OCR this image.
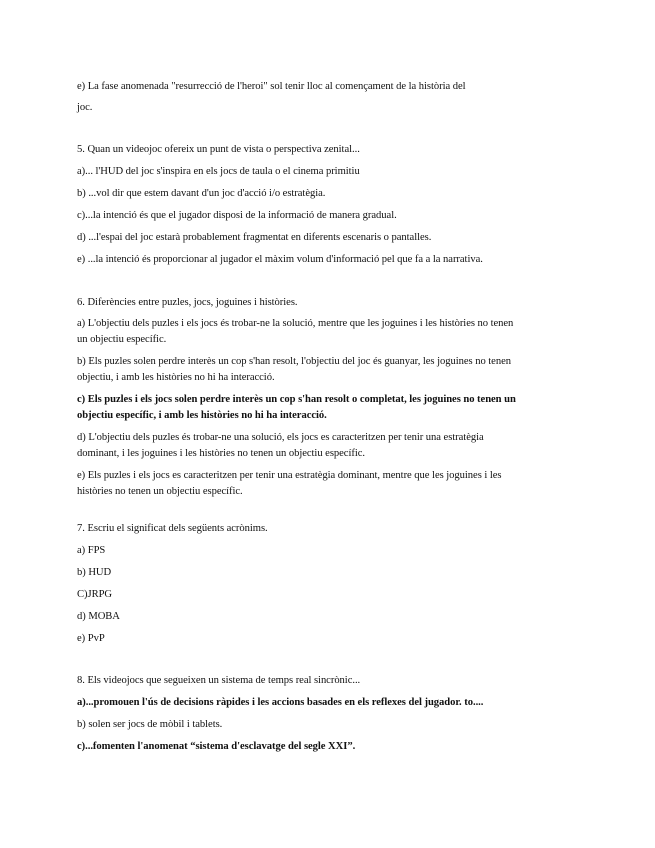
e) La fase anomenada "resurrecció de l'heroi" sol tenir lloc al començament de la història del
joc.
5. Quan un videojoc ofereix un punt de vista o perspectiva zenital...
a)... l'HUD del joc s'inspira en els jocs de taula o el cinema primitiu
b) ...vol dir que estem davant d'un joc d'acció i/o estratègia.
c)...la intenció és que el jugador disposi de la informació de manera gradual.
d) ...l'espai del joc estarà probablement fragmentat en diferents escenaris o pantalles.
e) ...la intenció és proporcionar al jugador el màxim volum d'informació pel que fa a la narrativa.
6. Diferències entre puzles, jocs, joguines i històries.
a) L'objectiu dels puzles i els jocs és trobar-ne la solució, mentre que les joguines i les històries no tenen
un objectiu específic.
b) Els puzles solen perdre interès un cop s'han resolt, l'objectiu del joc és guanyar, les joguines no tenen
objectiu, i amb les històries no hi ha interacció.
c) Els puzles i els jocs solen perdre interès un cop s'han resolt o completat, les joguines no tenen un
objectiu específic, i amb les històries no hi ha interacció.
d) L'objectiu dels puzles és trobar-ne una solució, els jocs es caracteritzen per tenir una estratègia
dominant, i les joguines i les històries no tenen un objectiu específic.
e) Els puzles i els jocs es caracteritzen per tenir una estratègia dominant, mentre que les joguines i les
històries no tenen un objectiu específic.
7. Escriu el significat dels següents acrònims.
a) FPS
b) HUD
C)JRPG
d) MOBA
e) PvP
8. Els videojocs que segueixen un sistema de temps real sincrònic...
a)...promouen l'ús de decisions ràpides i les accions basades en els reflexes del jugador. to....
b) solen ser jocs de mòbil i tablets.
c)...fomenten l'anomenat “sistema d'esclavatge del segle XXI”.
